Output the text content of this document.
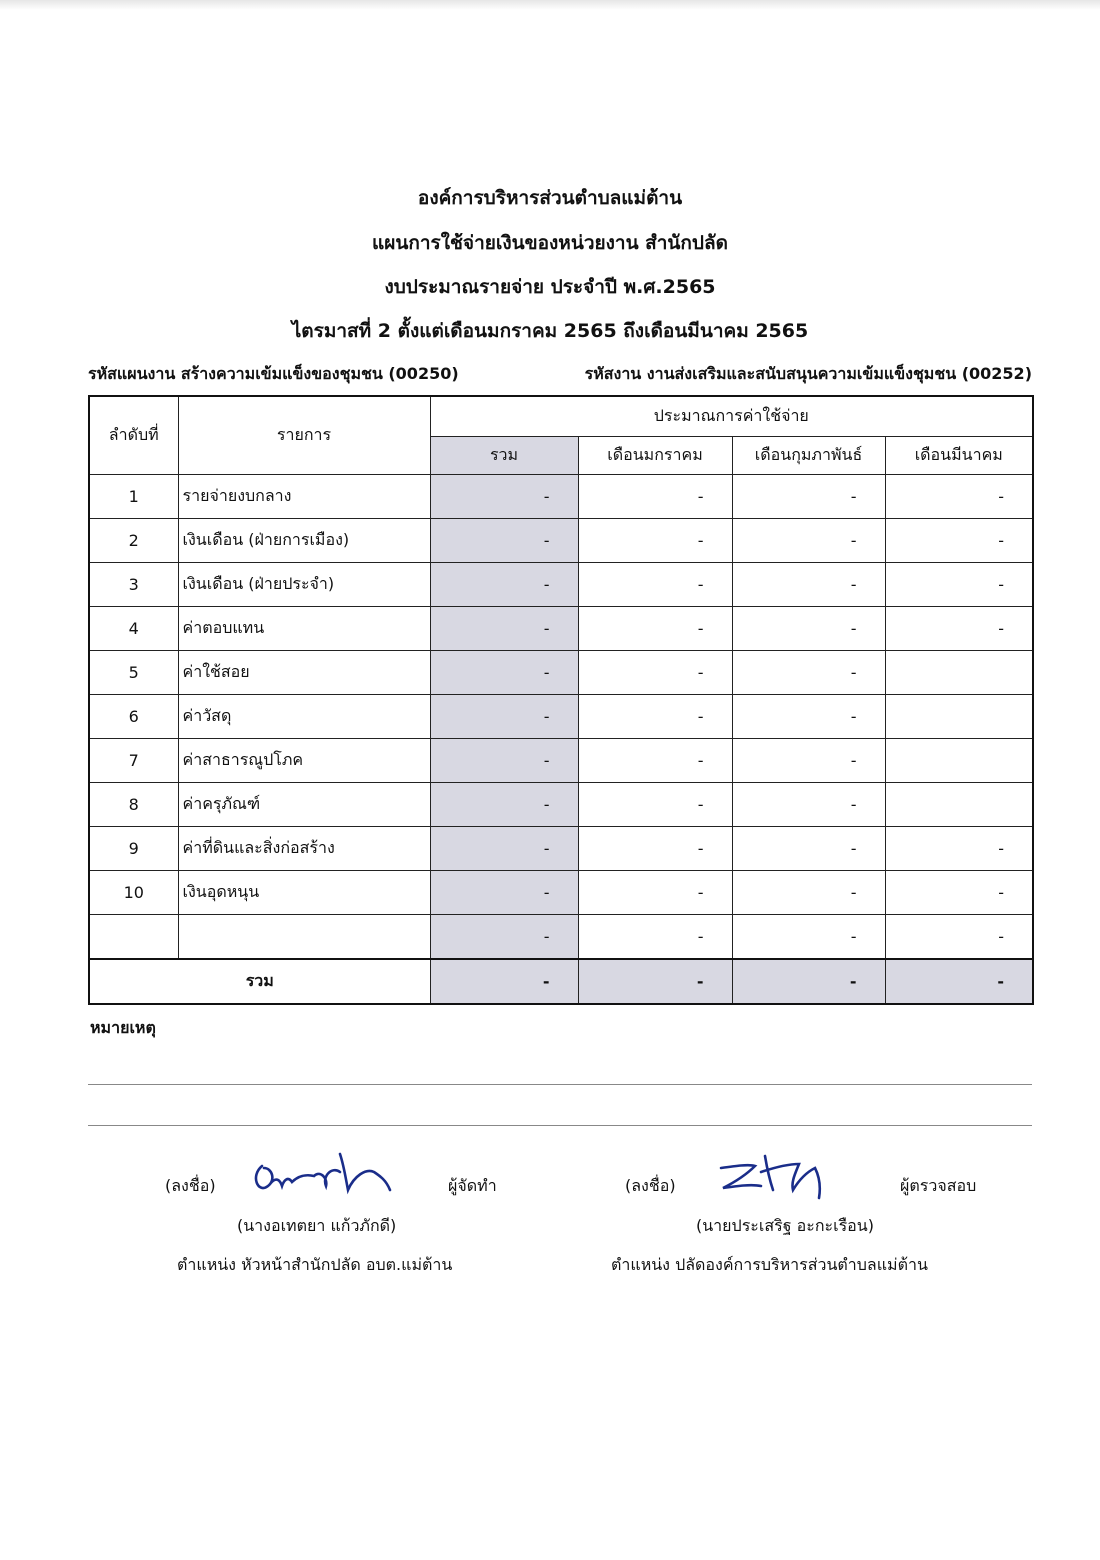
องค์การบริหารส่วนตำบลแม่ต้าน
แผนการใช้จ่ายเงินของหน่วยงาน สำนักปลัด
งบประมาณรายจ่าย ประจำปี พ.ศ.2565
ไตรมาสที่ 2 ตั้งแต่เดือนมกราคม 2565 ถึงเดือนมีนาคม 2565
รหัสแผนงาน สร้างความเข้มแข็งของชุมชน (00250)	รหัสงาน งานส่งเสริมและสนับสนุนความเข้มแข็งชุมชน (00252)
ลำดับที่	รายการ	ประมาณการค่าใช้จ่าย			
		รวม	เดือนมกราคม	เดือนกุมภาพันธ์	เดือนมีนาคม
1	รายจ่ายงบกลาง	-	-	-	-
2	เงินเดือน (ฝ่ายการเมือง)	-	-	-	-
3	เงินเดือน (ฝ่ายประจำ)	-	-	-	-
4	ค่าตอบแทน	-	-	-	-
5	ค่าใช้สอย	-	-	-	
6	ค่าวัสดุ	-	-	-	
7	ค่าสาธารณูปโภค	-	-	-	
8	ค่าครุภัณฑ์	-	-	-	
9	ค่าที่ดินและสิ่งก่อสร้าง	-	-	-	-
10	เงินอุดหนุน	-	-	-	-
		-	-	-	-
รวม		-	-	-	-
หมายเหตุ
(ลงชื่อ)	ผู้จัดทำ
(นางอเทตยา แก้วภักดี)
ตำแหน่ง หัวหน้าสำนักปลัด อบต.แม่ต้าน
(ลงชื่อ)	ผู้ตรวจสอบ
(นายประเสริฐ อะกะเรือน)
ตำแหน่ง ปลัดองค์การบริหารส่วนตำบลแม่ต้าน
